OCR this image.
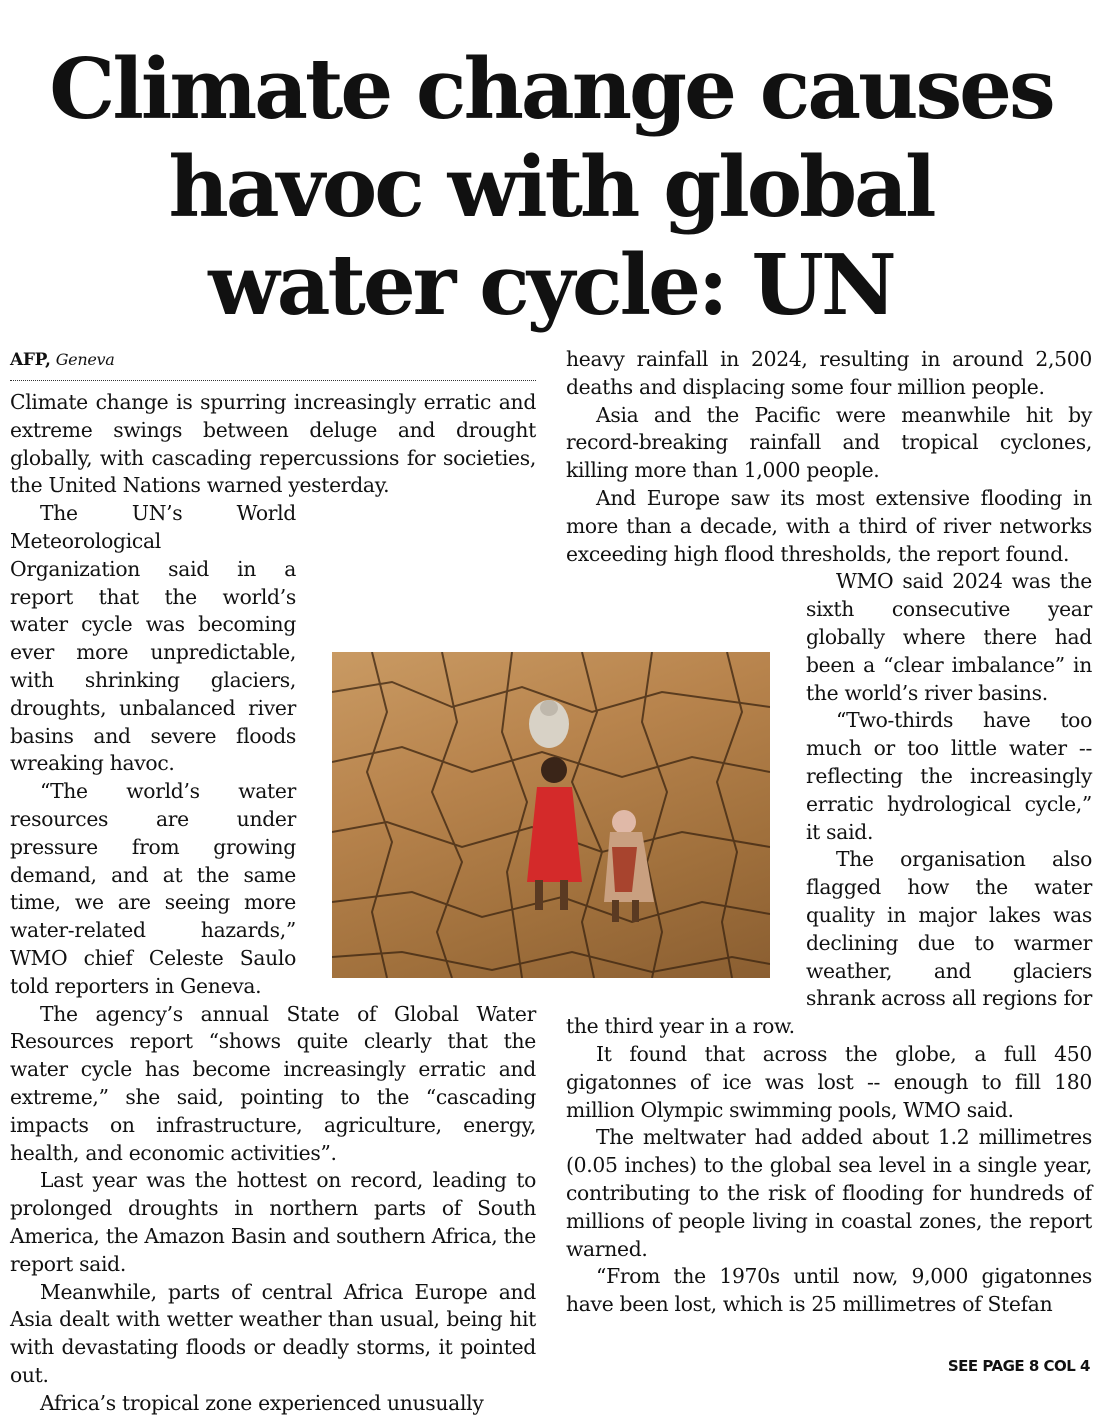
Climate change causes
havoc with global
water cycle: UN
AFP, Geneva

Climate change is spurring increasingly erratic and extreme swings between deluge and drought globally, with cascading repercussions for societies, the United Nations warned yesterday.

The UN’s World Meteorological Organization said in a report that the world’s water cycle was becoming ever more unpredictable, with shrinking glaciers, droughts, unbalanced river basins and severe floods wreaking havoc.

“The world’s water resources are under pressure from growing demand, and at the same time, we are seeing more water-related hazards,” WMO chief Celeste Saulo told reporters in Geneva.

The agency’s annual State of Global Water Resources report “shows quite clearly that the water cycle has become increasingly erratic and extreme,” she said, pointing to the “cascading impacts on infrastructure, agriculture, energy, health, and economic activities”.

Last year was the hottest on record, leading to prolonged droughts in northern parts of South America, the Amazon Basin and southern Africa, the report said.

Meanwhile, parts of central Africa Europe and Asia dealt with wetter weather than usual, being hit with devastating floods or deadly storms, it pointed out.

Africa’s tropical zone experienced unusually

heavy rainfall in 2024, resulting in around 2,500 deaths and displacing some four million people.

Asia and the Pacific were meanwhile hit by record-breaking rainfall and tropical cyclones, killing more than 1,000 people.

And Europe saw its most extensive flooding in more than a decade, with a third of river networks exceeding high flood thresholds, the report found.

WMO said 2024 was the sixth consecutive year globally where there had been a “clear imbalance” in the world’s river basins.

“Two-thirds have too much or too little water -- reflecting the increasingly erratic hydrological cycle,” it said.

The organisation also flagged how the water quality in major lakes was declining due to warmer weather, and glaciers shrank across all regions for the third year in a row.

It found that across the globe, a full 450 gigatonnes of ice was lost -- enough to fill 180 million Olympic swimming pools, WMO said.

The meltwater had added about 1.2 millimetres (0.05 inches) to the global sea level in a single year, contributing to the risk of flooding for hundreds of millions of people living in coastal zones, the report warned.

“From the 1970s until now, 9,000 gigatonnes have been lost, which is 25 millimetres of Stefan

SEE PAGE 8 COL 4
